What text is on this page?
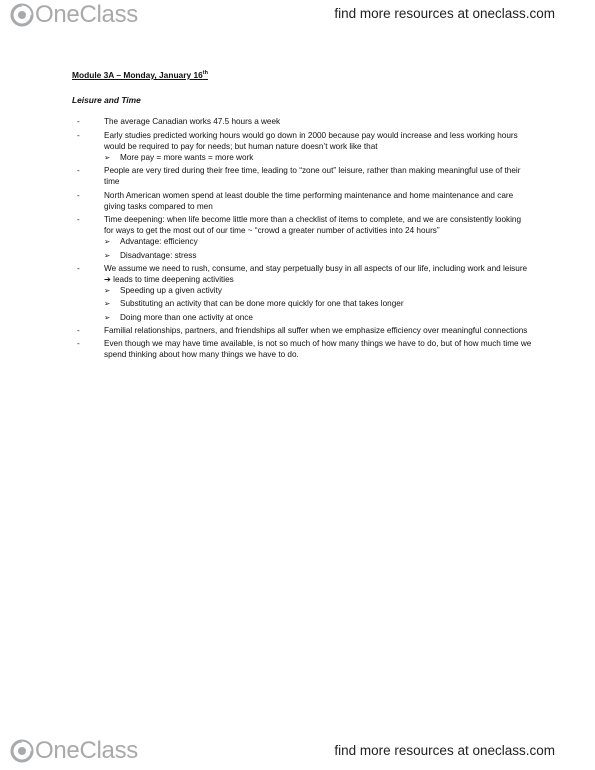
OneClass	find more resources at oneclass.com

Module 3A – Monday, January 16th

Leisure and Time

-	The average Canadian works 47.5 hours a week
-	Early studies predicted working hours would go down in 2000 because pay would increase and less working hours would be required to pay for needs; but human nature doesn’t work like that
➢ More pay = more wants = more work
-	People are very tired during their free time, leading to “zone out” leisure, rather than making meaningful use of their time
-	North American women spend at least double the time performing maintenance and home maintenance and care giving tasks compared to men
-	Time deepening: when life become little more than a checklist of items to complete, and we are consistently looking for ways to get the most out of our time ~ “crowd a greater number of activities into 24 hours”
➢ Advantage: efficiency
➢ Disadvantage: stress
-	We assume we need to rush, consume, and stay perpetually busy in all aspects of our life, including work and leisure ➔ leads to time deepening activities
➢ Speeding up a given activity
➢ Substituting an activity that can be done more quickly for one that takes longer
➢ Doing more than one activity at once
-	Familial relationships, partners, and friendships all suffer when we emphasize efficiency over meaningful connections
-	Even though we may have time available, is not so much of how many things we have to do, but of how much time we spend thinking about how many things we have to do.
OneClass	find more resources at oneclass.com
